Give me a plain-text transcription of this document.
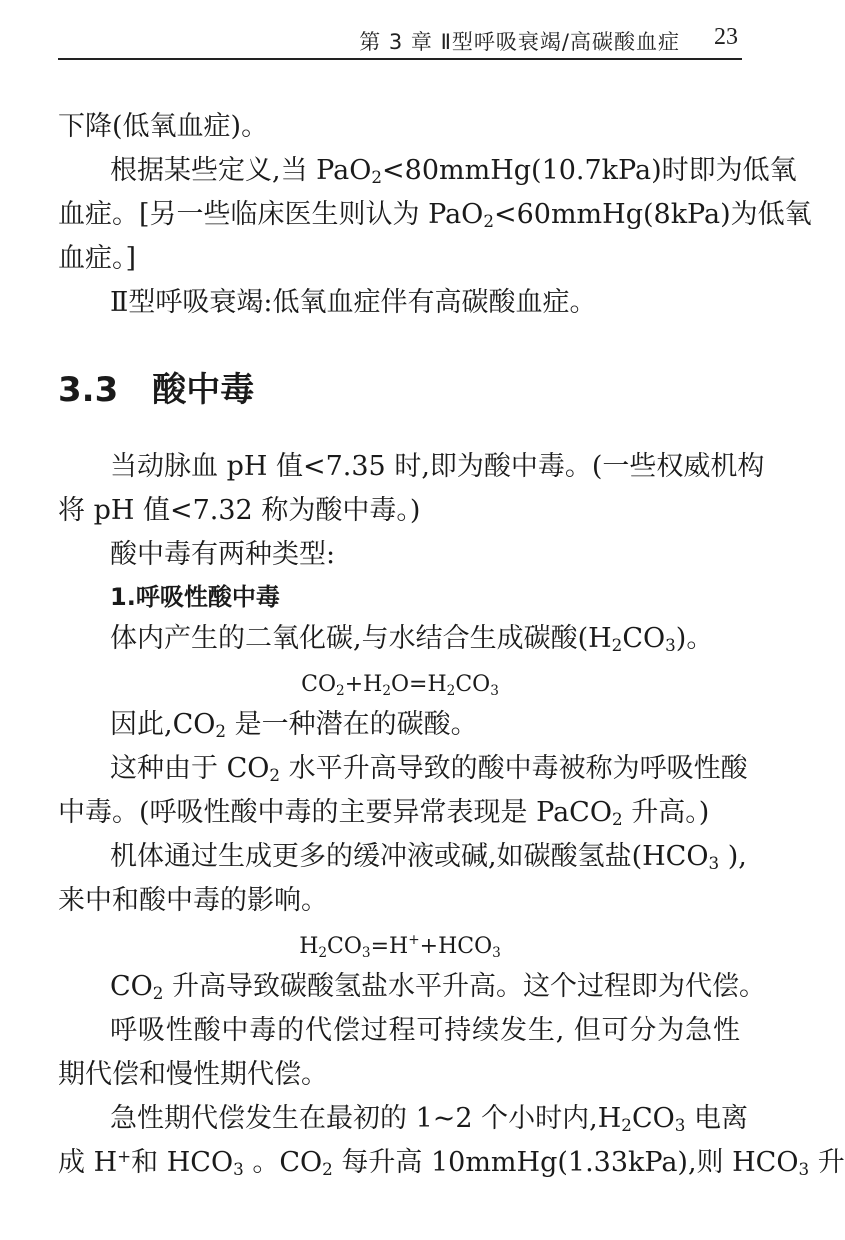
第 3 章 Ⅱ型呼吸衰竭/高碳酸血症 23
下降(低氧血症)。
根据某些定义,当 PaO$_2$<80mmHg(10.7kPa)时即为低氧
血症。[另一些临床医生则认为 PaO$_2$<60mmHg(8kPa)为低氧
血症。]
Ⅱ型呼吸衰竭:低氧血症伴有高碳酸血症。
3.3 酸中毒
当动脉血 pH 值<7.35 时,即为酸中毒。(一些权威机构
将 pH 值<7.32 称为酸中毒。)
酸中毒有两种类型:
1.呼吸性酸中毒
体内产生的二氧化碳,与水结合生成碳酸$(H_2CO_3)$。
$CO_2+H_2O=H_2CO_3$
因此$,CO_2$ 是一种潜在的碳酸。
这种由于 $CO_2$ 水平升高导致的酸中毒被称为呼吸性酸
中毒。(呼吸性酸中毒的主要异常表现是 PaCO$_2$ 升高。)
机体通过生成更多的缓冲液或碱,如碳酸氢盐($HCO_3$ ),
来中和酸中毒的影响。
$H_2CO_3=H^++HCO_3$
$CO_2$ 升高导致碳酸氢盐水平升高。这个过程即为代偿。
呼吸性酸中毒的代偿过程可持续发生, 但可分为急性
期代偿和慢性期代偿。
急性期代偿发生在最初的 1~2 个小时内$,H_2CO_3$ 电离
成 H+和 $HCO_3$ 。$CO_2$ 每升高 10mmHg(1.33kPa),则 $HCO_3$ 升
